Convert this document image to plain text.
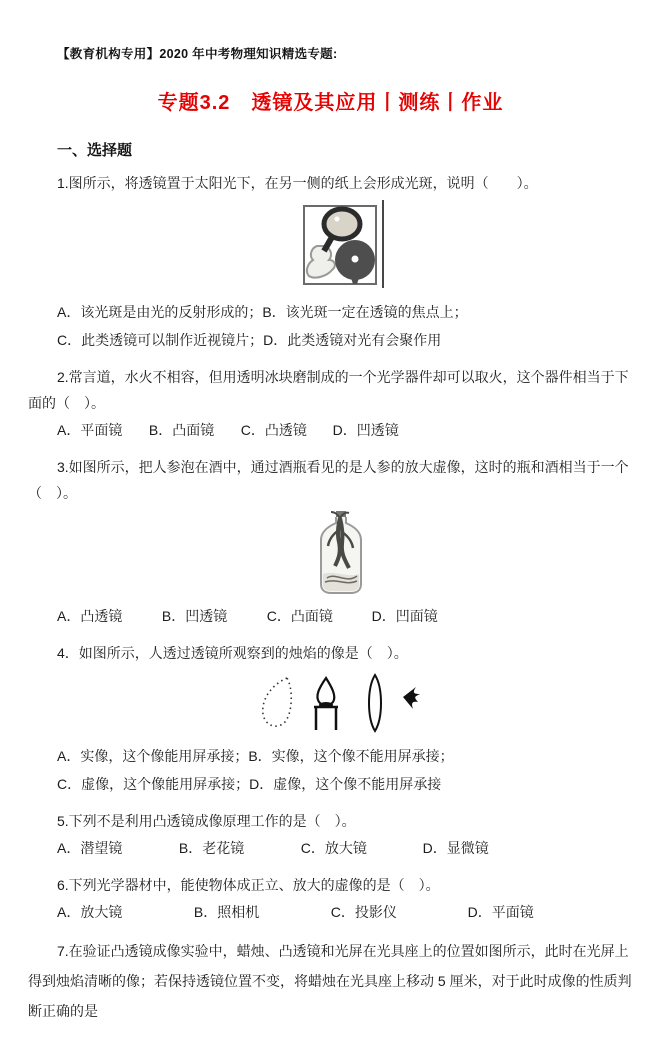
【教育机构专用】2020 年中考物理知识精选专题:
专题3.2　透镜及其应用丨测练丨作业
一、选择题

1.图所示，将透镜置于太阳光下，在另一侧的纸上会形成光斑，说明（　　）。

A．该光斑是由光的反射形成的；B．该光斑一定在透镜的焦点上；
C．此类透镜可以制作近视镜片；D．此类透镜对光有会聚作用

2.常言道，水火不相容，但用透明冰块磨制成的一个光学器件却可以取火，这个器件相当于下面的（　）。

A．平面镜 B．凸面镜 C．凸透镜 D．凹透镜

3.如图所示，把人参泡在酒中，通过酒瓶看见的是人参的放大虚像，这时的瓶和酒相当于一个（　）。

A．凸透镜	B．凹透镜	C．凸面镜	D．凹面镜

4．如图所示，人透过透镜所观察到的烛焰的像是（　）。

A．实像，这个像能用屏承接；B．实像，这个像不能用屏承接；
C．虚像，这个像能用屏承接；D．虚像，这个像不能用屏承接

5.下列不是利用凸透镜成像原理工作的是（　）。

A．潜望镜	B．老花镜	C．放大镜	D．显微镜

6.下列光学器材中，能使物体成正立、放大的虚像的是（　）。

A．放大镜	B．照相机	C．投影仪	D．平面镜

7.在验证凸透镜成像实验中，蜡烛、凸透镜和光屏在光具座上的位置如图所示，此时在光屏上得到烛焰清晰的像；若保持透镜位置不变，将蜡烛在光具座上移动 5 厘米，对于此时成像的性质判断正确的是
